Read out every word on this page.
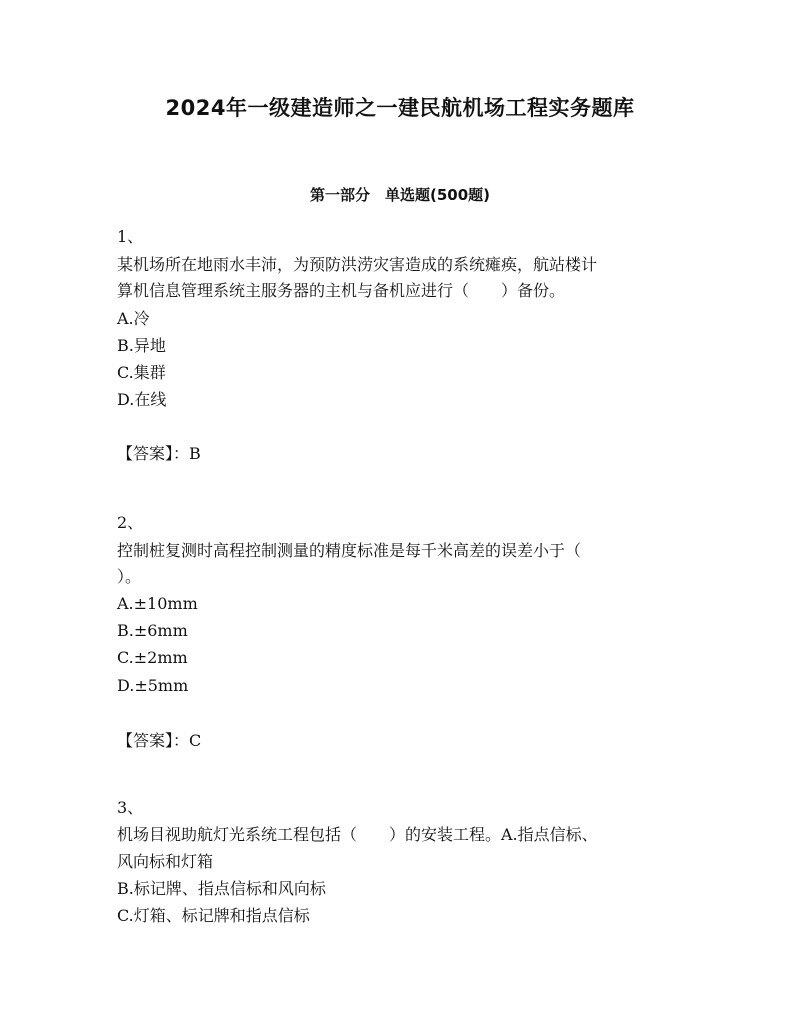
2024年一级建造师之一建民航机场工程实务题库
第一部分　单选题(500题)
1、
某机场所在地雨水丰沛，为预防洪涝灾害造成的系统瘫痪，航站楼计
算机信息管理系统主服务器的主机与备机应进行（　　）备份。
A.冷
B.异地
C.集群
D.在线
【答案】：B
2、
控制桩复测时高程控制测量的精度标准是每千米高差的误差小于（
）。
A.±10mm
B.±6mm
C.±2mm
D.±5mm
【答案】：C
3、
机场目视助航灯光系统工程包括（　　）的安装工程。A.指点信标、
风向标和灯箱
B.标记牌、指点信标和风向标
C.灯箱、标记牌和指点信标
